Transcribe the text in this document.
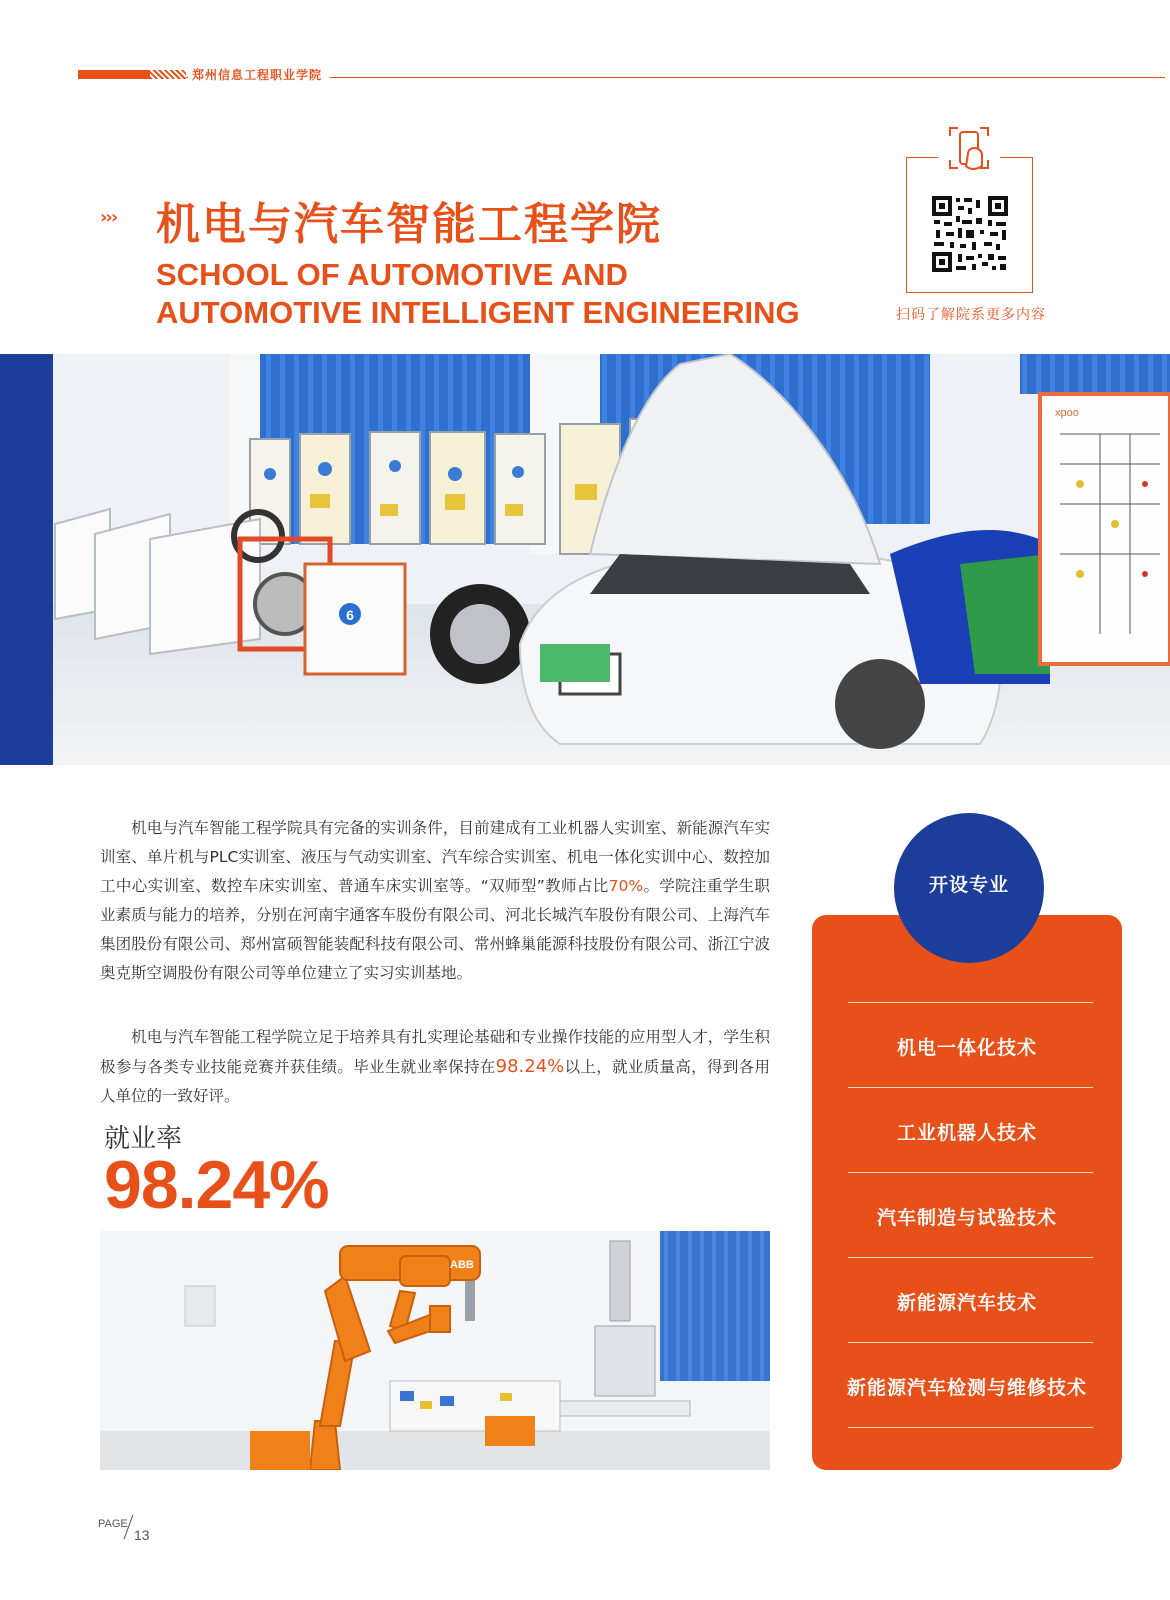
郑州信息工程职业学院
››› 机电与汽车智能工程学院
SCHOOL OF AUTOMOTIVE AND
AUTOMOTIVE INTELLIGENT ENGINEERING	扫码了解院系更多内容
6
xpoo

　　机电与汽车智能工程学院具有完备的实训条件，目前建成有工业机器人实训室、新能源汽车实训室、单片机与PLC实训室、液压与气动实训室、汽车综合实训室、机电一体化实训中心、数控加工中心实训室、数控车床实训室、普通车床实训室等。“双师型”教师占比70%。学院注重学生职业素质与能力的培养，分别在河南宇通客车股份有限公司、河北长城汽车股份有限公司、上海汽车集团股份有限公司、郑州富硕智能装配科技有限公司、常州蜂巢能源科技股份有限公司、浙江宁波奥克斯空调股份有限公司等单位建立了实习实训基地。

　　机电与汽车智能工程学院立足于培养具有扎实理论基础和专业操作技能的应用型人才，学生积极参与各类专业技能竞赛并获佳绩。毕业生就业率保持在98.24%以上，就业质量高，得到各用人单位的一致好评。

就业率
98.24%
ABB
开设专业
机电一体化技术
工业机器人技术
汽车制造与试验技术
新能源汽车技术
新能源汽车检测与维修技术
PAGE
13
